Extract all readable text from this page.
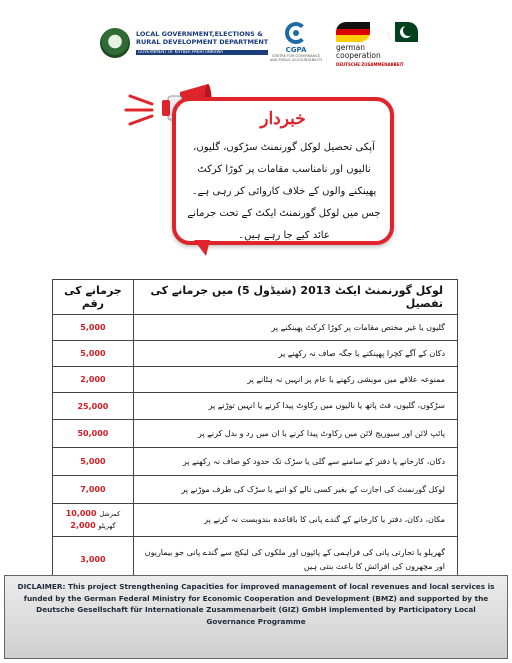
LOCAL GOVERNMENT,ELECTIONS &
RURAL DEVELOPMENT DEPARTMENT
GOVERNMENT OF KHYBER PAKHTUNKHWA	CGPA
CENTRE FOR GOVERNANCE AND PUBLIC ACCOUNTABILITY
german
cooperation
DEUTSCHE ZUSAMMENARBEIT
خبردار
آپکی تحصیل لوکل گورنمنٹ سڑکوں، گلیوں، نالیوں اور نامناسب مقامات پر کوڑا کرکٹ پھینکنے والوں کے خلاف کاروائی کر رہی ہے۔ جس میں لوکل گورنمنٹ ایکٹ کے تحت جرمانے عائد کیے جا رہے ہیں۔
لوکل گورنمنٹ ایکٹ 2013 (شیڈول 5) میں جرمانے کی تفصیل	جرمانے کی رقم
گلیوں یا غیر مختص مقامات پر کوڑا کرکٹ پھینکنے پر	5,000
دکان کے آگے کچرا پھینکنے یا جگہ صاف نہ رکھنے پر	5,000
ممنوعہ علاقے میں مویشی رکھنے یا عام پر انہیں نہ ہٹانے پر	2,000
سڑکوں، گلیوں، فٹ پاتھ یا نالیوں میں رکاوٹ پیدا کرنے یا انہیں توڑنے پر	25,000
پائپ لائن اور سیوریج لائن میں رکاوٹ پیدا کرنے یا ان میں رد و بدل کرنے پر	50,000
دکان، کارخانے یا دفتر کے سامنے سے گلی یا سڑک تک حدود کو صاف نہ رکھنے پر	5,000
لوکل گورنمنٹ کی اجازت کے بغیر کسی نالے کو اتنے یا سڑک کی طرف موڑنے پر	7,000
مکان، دکان، دفتر یا کارخانے کے گندے پانی کا باقاعدہ بندوبست نہ کرنے پر	10,000 کمرشل
2,000 گھریلو

گھریلو یا تجارتی پانی کی فراہمی کے پائپوں اور ملکوں کی لیکج سے گندے پانی جو بیماریوں اور مچھروں کی افزائش کا باعث بنتی ہیں	3,000
DICLAIMER: This project Strengthening Capacities for improved management of local revenues and local services is funded by the German Federal Ministry for Economic Cooperation and Development (BMZ) and supported by the Deutsche Gesellschaft für Internationale Zusammenarbeit (GIZ) GmbH implemented by Participatory Local Governance Programme
